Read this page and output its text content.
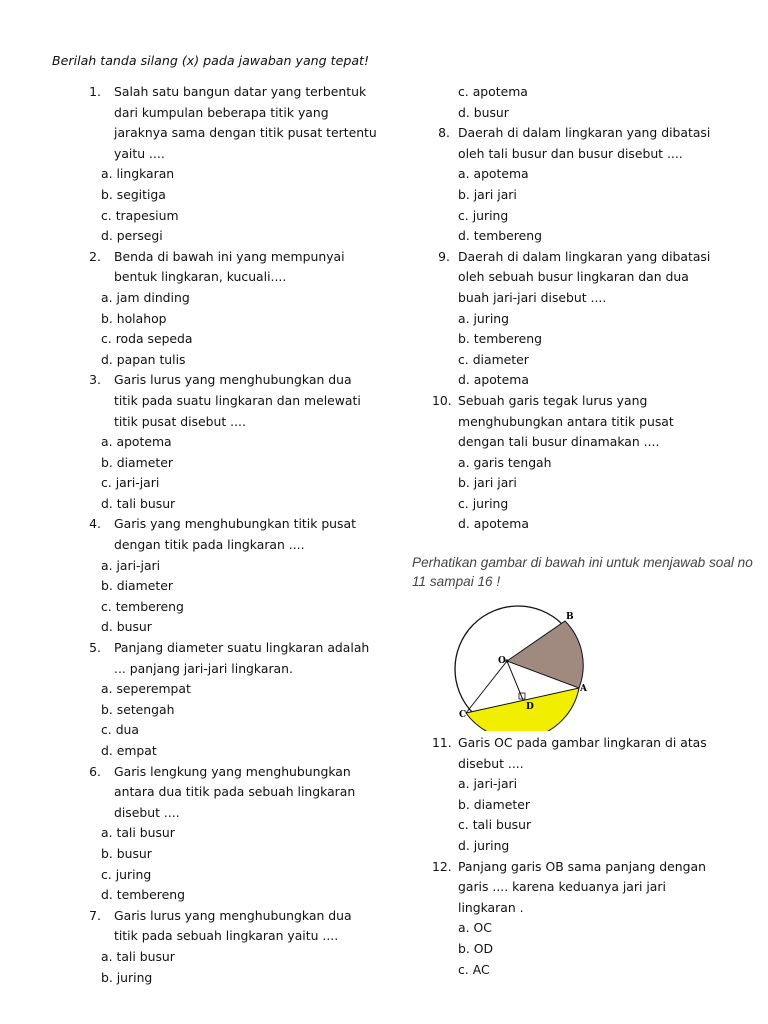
Berilah tanda silang (x) pada jawaban yang tepat!
1.	Salah satu bangun datar yang terbentuk
dari kumpulan beberapa titik yang
jaraknya sama dengan titik pusat tertentu
yaitu ....
a. lingkaran
b. segitiga
c. trapesium
d. persegi
2.	Benda di bawah ini yang mempunyai
bentuk lingkaran, kucuali....
a. jam dinding
b. holahop
c. roda sepeda
d. papan tulis
3.	Garis lurus yang menghubungkan dua
titik pada suatu lingkaran dan melewati
titik pusat disebut ....
a. apotema
b. diameter
c. jari-jari
d. tali busur
4.	Garis yang menghubungkan titik pusat
dengan titik pada lingkaran ....
a. jari-jari
b. diameter
c. tembereng
d. busur
5.	Panjang diameter suatu lingkaran adalah
... panjang jari-jari lingkaran.
a. seperempat
b. setengah
c. dua
d. empat
6.	Garis lengkung yang menghubungkan
antara dua titik pada sebuah lingkaran
disebut ....
a. tali busur
b. busur
c. juring
d. tembereng
7.	Garis lurus yang menghubungkan dua
titik pada sebuah lingkaran yaitu ....
a. tali busur
b. juring
c. apotema
d. busur
8. Daerah di dalam lingkaran yang dibatasi
oleh tali busur dan busur disebut ....
a. apotema
b. jari jari
c. juring
d. tembereng
9. Daerah di dalam lingkaran yang dibatasi
oleh sebuah busur lingkaran dan dua
buah jari-jari disebut ....
a. juring
b. tembereng
c. diameter
d. apotema
10. Sebuah garis tegak lurus yang
menghubungkan antara titik pusat
dengan tali busur dinamakan ....
a. garis tengah
b. jari jari
c. juring
d. apotema
Perhatikan gambar di bawah ini untuk menjawab soal no 11 sampai 16 !
O
B
A
C
D
11. Garis OC pada gambar lingkaran di atas
disebut ....
a. jari-jari
b. diameter
c. tali busur
d. juring
12. Panjang garis OB sama panjang dengan
garis .... karena keduanya jari jari
lingkaran .
a. OC
b. OD
c. AC
